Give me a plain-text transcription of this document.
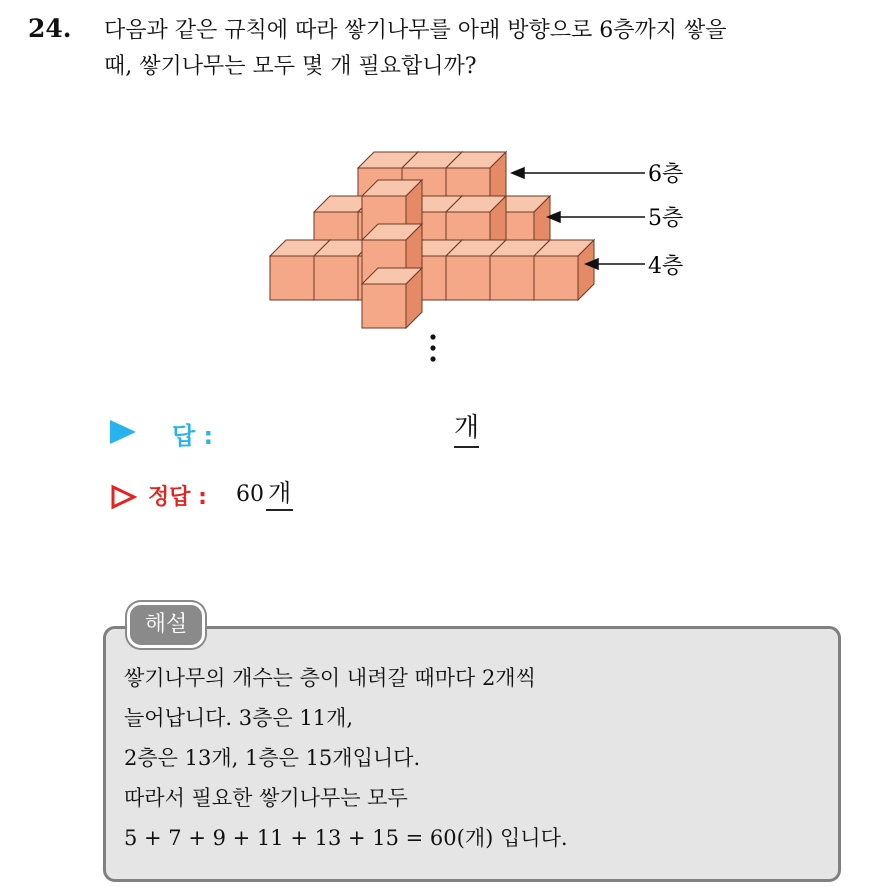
24. 다음과 같은 규칙에 따라 쌓기나무를 아래 방향으로 6층까지 쌓을
때, 쌓기나무는 모두 몇 개 필요합니까?
6층
5층
4층
답 :	개
정답 : 60 개
해설
쌓기나무의 개수는 층이 내려갈 때마다 2개씩
늘어납니다. 3층은 11개,
2층은 13개, 1층은 15개입니다.
따라서 필요한 쌓기나무는 모두
5 + 7 + 9 + 11 + 13 + 15 = 60(개) 입니다.
